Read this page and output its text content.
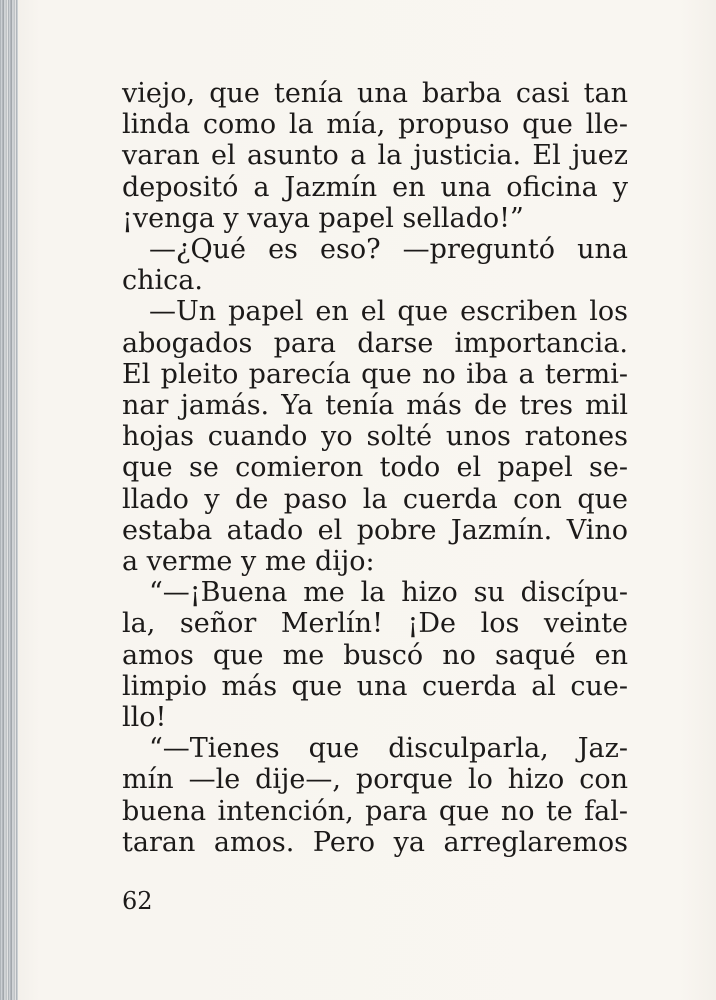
viejo, que tenía una barba casi tan
linda como la mía, propuso que lle-
varan el asunto a la justicia. El juez
depositó a Jazmín en una oficina y
¡venga y vaya papel sellado!”
—¿Qué es eso? —preguntó una
chica.
—Un papel en el que escriben los
abogados para darse importancia.
El pleito parecía que no iba a termi-
nar jamás. Ya tenía más de tres mil
hojas cuando yo solté unos ratones
que se comieron todo el papel se-
llado y de paso la cuerda con que
estaba atado el pobre Jazmín. Vino
a verme y me dijo:
“—¡Buena me la hizo su discípu-
la, señor Merlín! ¡De los veinte
amos que me buscó no saqué en
limpio más que una cuerda al cue-
llo!
“—Tienes que disculparla, Jaz-
mín —le dije—, porque lo hizo con
buena intención, para que no te fal-
taran amos. Pero ya arreglaremos
62
